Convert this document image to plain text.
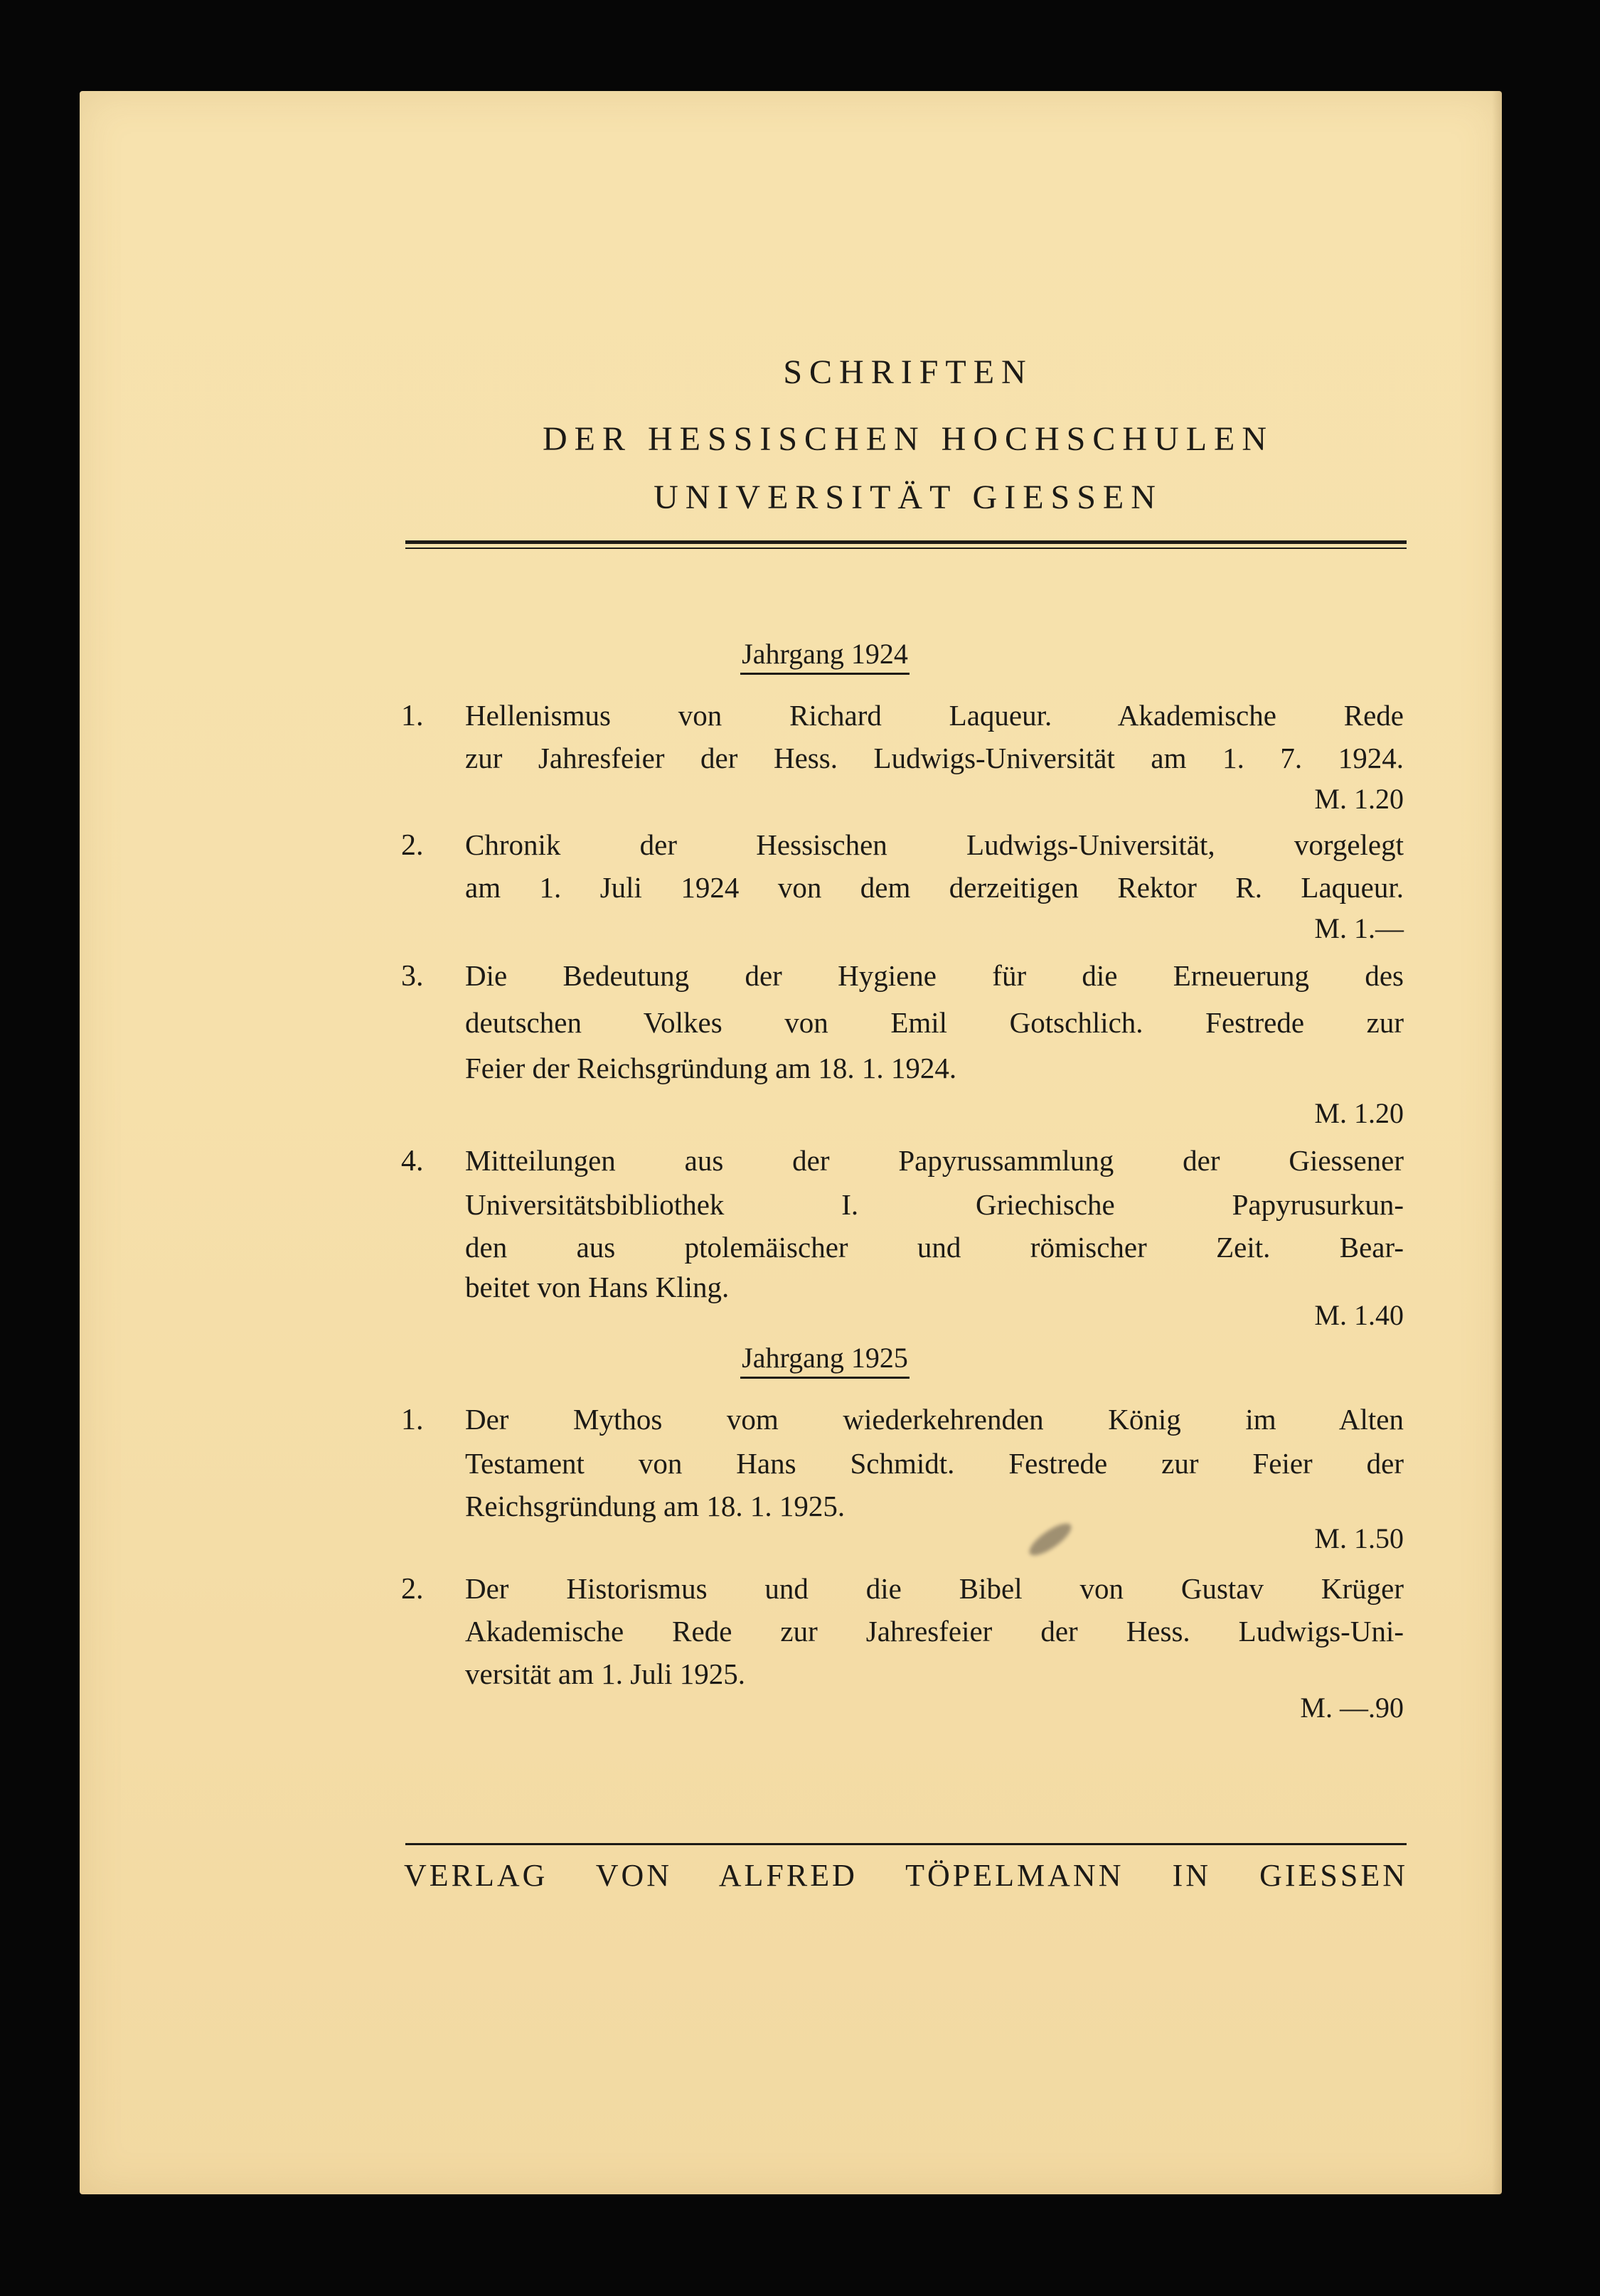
SCHRIFTEN
DER HESSISCHEN HOCHSCHULEN
UNIVERSITÄT GIESSEN
Jahrgang 1924
1. Hellenismus von Richard Laqueur. Akademische Rede
zur Jahresfeier der Hess. Ludwigs-Universität am 1. 7. 1924.
M. 1.20
2. Chronik der Hessischen Ludwigs-Universität, vorgelegt
am 1. Juli 1924 von dem derzeitigen Rektor R. Laqueur.
M. 1.—
3. Die Bedeutung der Hygiene für die Erneuerung des
deutschen Volkes von Emil Gotschlich. Festrede zur
Feier der Reichsgründung am 18. 1. 1924.
M. 1.20
4. Mitteilungen aus der Papyrussammlung der Giessener
Universitätsbibliothek I. Griechische Papyrusurkun-
den aus ptolemäischer und römischer Zeit. Bear-
beitet von Hans Kling.
M. 1.40
Jahrgang 1925
1. Der Mythos vom wiederkehrenden König im Alten
Testament von Hans Schmidt. Festrede zur Feier der
Reichsgründung am 18. 1. 1925.
M. 1.50
2. Der Historismus und die Bibel von Gustav Krüger
Akademische Rede zur Jahresfeier der Hess. Ludwigs-Uni-
versität am 1. Juli 1925.
M. —.90
VERLAG VON ALFRED TÖPELMANN IN GIESSEN
